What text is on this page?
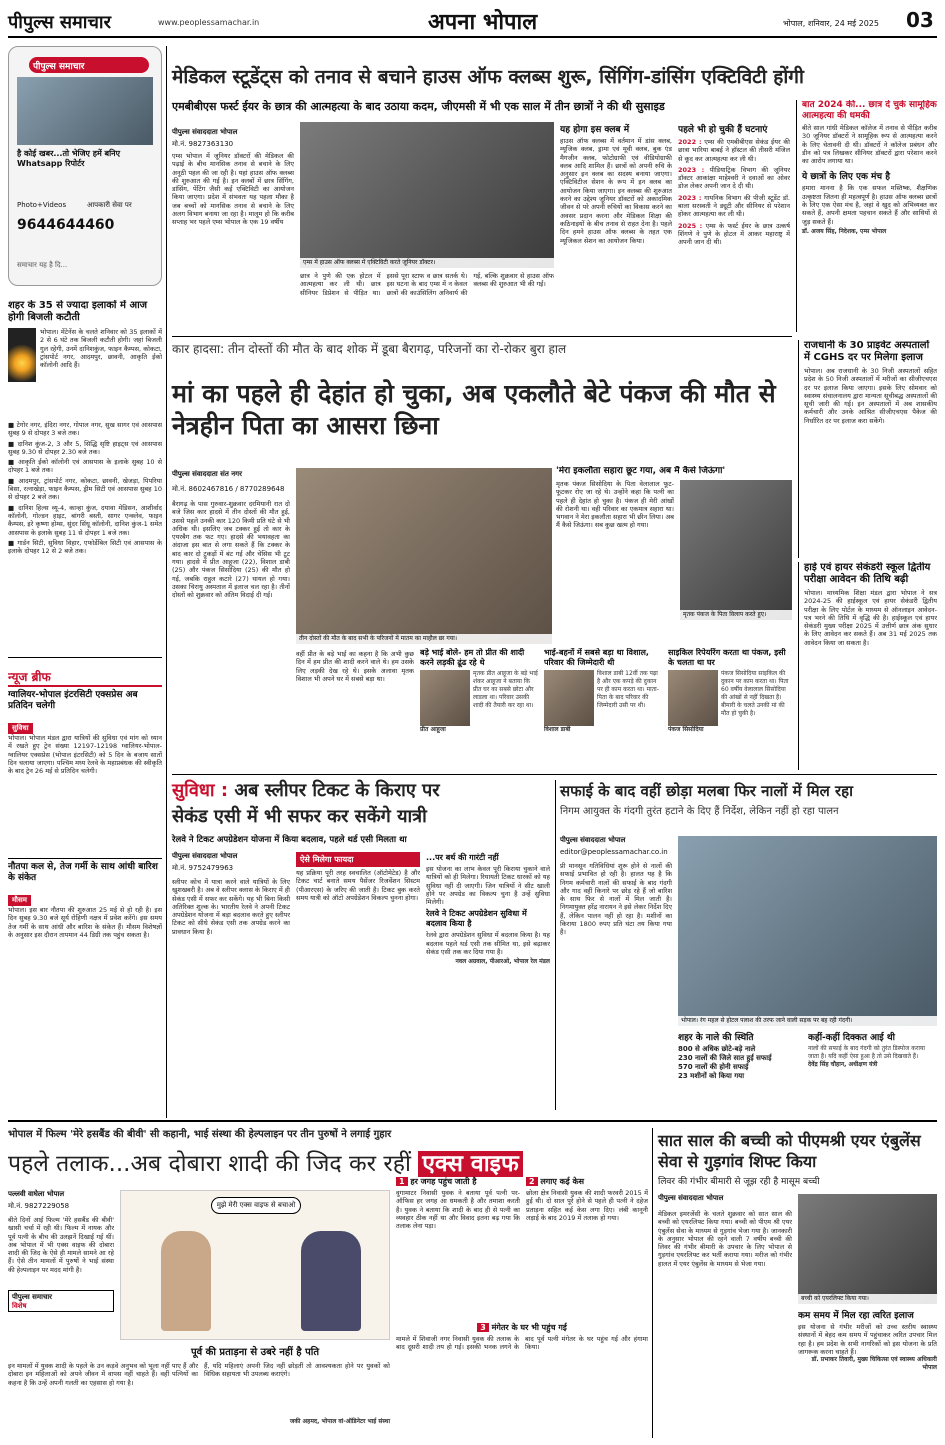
पीपुल्स समाचार	www.peoplessamachar.in	अपना भोपाल	भोपाल, शनिवार, 24 मई 2025 03
पीपुल्स समाचार
है कोई खबर...तो भेजिए हमें बनिए Whatsapp रिपोर्टर
Photo+Videos	आपकारी सेवा पर
9644644460
समाचार यह है दि...
शहर के 35 से ज्यादा इलाकों में आज होगी बिजली कटौती
भोपाल। मेंटेनेंस के चलते शनिवार को 35 इलाकों में 2 से 6 घंटे तक बिजली कटौती होगी। जहां बिजली गुल रहेगी, उनमें दानिशकुंज, फाइन कैम्पस, कोकटा, ट्रांसपोर्ट नगर, आदमपुर, छावनी, आकृति ईको कॉलोनी आदि हैं।
■ टेगोर नगर, इंदिरा नगर, गोपाल नगर, सुख सागर एवं आसपास सुबह 9 से दोपहर 3 बजे तक।
■ दानिश कुंज-2, 3 और 5, सिद्धि सृष्टि हाइट्स एवं आसपास सुबह 9.30 से दोपहर 2.30 बजे तक।
■ आकृति ईको कॉलोनी एवं आसपास के इलाके सुबह 10 से दोपहर 1 बजे तक।
■ आदमपुर, ट्रांसपोर्ट नगर, कोकटा, छावनी, खेजड़ा, पिपरिया बिसा, रत्नाखेड़ा, फाइन कैम्पस, ड्रीम सिटी एवं आसपास सुबह 10 से दोपहर 2 बजे तक।
■ दानिश हिल्स व्यू-4, कान्हा कुंज, दयावा मेडिसन, आशीर्वाद कॉलोनी, गोल्डन हाइट, बांगरी बस्ती, सागर एन्क्लेव, फाइन कैम्पस, इरे कृष्णा होम्स, सुंदर सिंधू कॉलोनी, दानिश कुंज-1 समेत आसपास के इलाके सुबह 11 से दोपहर 1 बजे तक।
■ गार्डन सिटी, सुविधा विहार, एफोर्डेबिल सिटी एवं आसपास के इलाके दोपहर 12 से 2 बजे तक।
न्यूज ब्रीफ
ग्वालियर-भोपाल इंटरसिटी एक्सप्रेस अब प्रतिदिन चलेगी
सुविधा
भोपाल। भोपाल मंडल द्वारा यात्रियों की सुविधा एवं मांग को ध्यान में रखते हुए ट्रेन संख्या 12197-12198 ग्वालियर-भोपाल-ग्वालियर एक्सप्रेस (भोपाल इंटरसिटी) को 5 दिन के बजाय सातों दिन चलाया जाएगा। पश्चिम मध्य रेलवे के महाप्रबंधक की स्वीकृति के बाद ट्रेन 26 मई से प्रतिदिन चलेगी।
नौतपा कल से, तेज गर्मी के साथ आंधी बारिश के संकेत
मौसम
भोपाल। इस बार नौतपा की शुरुआत 25 मई से हो रही है। इस दिन सुबह 9.30 बजे सूर्य रोहिणी नक्षत्र में प्रवेश करेंगे। इस समय तेज गर्मी के साथ आंधी और बारिश के संकेत हैं। मौसम विशेषज्ञों के अनुसार इस दौरान तापमान 44 डिग्री तक पहुंच सकता है।
मेडिकल स्टूडेंट्स को तनाव से बचाने हाउस ऑफ क्लब्स शुरू, सिंगिंग-डांसिंग एक्टिविटी होंगी
एमबीबीएस फर्स्ट ईयर के छात्र की आत्महत्या के बाद उठाया कदम, जीएमसी में भी एक साल में तीन छात्रों ने की थी सुसाइड
पीपुल्स संवाददाता भोपाल
मो.नं. 9827363130
एम्स भोपाल में जूनियर डॉक्टरों की मेडिकल की पढ़ाई के बीच मानसिक तनाव से बचाने के लिए अनूठी पहल की जा रही है। यहां हाउस ऑफ क्लब्स की शुरुआत की गई है। इन क्लबों में छात्र सिंगिंग, डांसिंग, पेंटिंग जैसी कई एक्टिविटी का आयोजन किया जाएगा। प्रदेश में संभवतः यह पहला मौका है जब बच्चों को मानसिक तनाव से बचाने के लिए अलग विभाग बनाया जा रहा है। मालूम हो कि करीब सप्ताह भर पहले एम्स भोपाल के एक 19 वर्षीय
एम्स में हाउस ऑफ क्लब्स में एक्टिविटी करते जूनियर डॉक्टर।
छात्र ने पुणे की एक होटल में आत्महत्या कर ली थी। छात्र सीनियर डिप्रेशन से पीड़ित था। इससे पूरा स्टाफ व छात्र सतर्क थे। इस घटना के बाद एम्स में न केवल छात्रों की काउंसिलिंग अनिवार्य की गई, बल्कि शुक्रवार से हाउस ऑफ क्लब्स की शुरुआत भी की गई।
यह होगा इस क्लब में
हाउस ऑफ क्लब्स में वर्तमान में डांस क्लब, म्यूजिक क्लब, ड्रामा एवं मूवी क्लब, बुक एंड मैगजीन क्लब, फोटोग्राफी एवं वीडियोग्राफी क्लब आदि शामिल हैं। छात्रों को अपनी रुचि के अनुसार इन क्लब का सदस्य बनाया जाएगा। एक्टिविटीज सेशन के रूप में इन क्लब का आयोजन किया जाएगा। इन क्लब्स की शुरुआत करने का उद्देश्य जूनियर डॉक्टरों को अकादमिक जीवन से परे अपनी रुचियों का विकास करने का अवसर प्रदान करना और मेडिकल शिक्षा की कठिनाइयों के बीच तनाव से राहत देना है। पहले दिन हमने हाउस ऑफ क्लब्स के तहत एक म्यूजिकल सेशन का आयोजन किया।
पहले भी हो चुकी हैं घटनाएं
2022 : एम्स की एमबीबीएस सेकंड ईयर की छात्रा भारिया बाबई ने हॉस्टल की तीसरी मंजिल से कूद कर आत्महत्या कर ली थी।
2023 : पीडियाट्रिक विभाग की जूनियर डॉक्टर आकांक्षा माहेश्वरी ने दवाओं का ओवर डोज लेकर अपनी जान दे दी थी।
2023 : गायनिक विभाग की पीजी स्टूडेंट डॉ. बाला सरस्वती ने ड्यूटी और सीनियर से परेशान होकर आत्महत्या कर ली थी।
2025 : एम्स के फर्स्ट ईयर के छात्र उत्कर्ष शिंगणे ने पुणे के होटल में आकर महाराष्ट्र में अपनी जान दी थी।
बात 2024 की... छात्र दे चुके सामूहिक आत्महत्या की धमकी
बीते साल गांधी मेडिकल कॉलेज में तनाव से पीड़ित करीब 30 जूनियर डॉक्टरों ने सामूहिक रूप से आत्महत्या करने के लिए चेतावनी दी थी। डॉक्टरों ने कॉलेज प्रबंधन और डीन को पत्र लिखकर सीनियर डॉक्टरों द्वारा परेशान करने का आरोप लगाया था।
ये छात्रों के लिए एक मंच है
हमारा मानना है कि एक सफल मस्तिष्क, शैक्षणिक उत्कृष्टता जितना ही महत्वपूर्ण है। हाउस ऑफ क्लब्स छात्रों के लिए एक ऐसा मंच है, जहां वे खुद को अभिव्यक्त कर सकते हैं, अपनी क्षमता पहचान सकते हैं और साथियों से जुड़ सकते हैं।
डॉ. अजय सिंह, निदेशक, एम्स भोपाल
कार हादसा: तीन दोस्तों की मौत के बाद शोक में डूबा बैरागढ़, परिजनों का रो-रोकर बुरा हाल
मां का पहले ही देहांत हो चुका, अब एकलौते बेटे पंकज की मौत से नेत्रहीन पिता का आसरा छिना
पीपुल्स संवाददाता संत नगर
मो.नं. 8602467816 / 8770289648
बैरागढ़ के पास गुरुवार-शुक्रवार दरमियानी रात दो बजे जिस कार हादसे में तीन दोस्तों की मौत हुई, उससे पहले उनकी कार 120 किमी प्रति घंटे से भी अधिक थी। इसलिए जब टक्कर हुई तो कार के एयरबैग तक फट गए। हादसे की भयावहता का अंदाजा इस बात से लगा सकते हैं कि टक्कर के बाद कार दो टुकड़ों में बंट गई और चेसिस भी टूट गया। हादसे में प्रीत आहूजा (22), विशाल डाबी (25) और पंकज सिसोदिया (25) की मौत हो गई, जबकि राहुल कटारे (27) घायल हो गया। उसका चिरायु अस्पताल में इलाज चल रहा है। तीनों दोस्तों को शुक्रवार को अंतिम विदाई दी गई।
तीन दोस्तों की मौत के बाद सभी के परिजनों में मातम का माहौल छा गया।
वहीं प्रीत के बड़े भाई का कहना है कि अभी कुछ दिन में हम प्रीत की शादी करने वाले थे। हम उसके लिए लड़की देख रहे थे। इसके अलावा मृतक विशाल भी अपने घर में सबसे बड़ा था।
'मेरा इकलौता सहारा छूट गया, अब मैं कैसे जिऊंगा'
मृतक पंकज सिसोदिया के पिता वेलालाल फूट-फूटकर रोए जा रहे थे। उन्होंने कहा कि पत्नी का पहले ही देहांत हो चुका है। पंकज ही मेरी आंखों की रोशनी था। वही परिवार का एकमात्र सहारा था। भगवान ने मेरा इकलौता सहारा भी छीन लिया। अब मैं कैसे जिऊंगा। सब कुछ खत्म हो गया।
मृतक पंकज के पिता विलाप करते हुए।
बड़े भाई बोले- हम तो प्रीत की शादी करने लड़की ढूंढ रहे थे
मृतक प्रीत आहूजा के बड़े भाई शंकर आहूजा ने बताया कि प्रीत घर का सबसे छोटा और लाडला था। परिवार उसकी शादी की तैयारी कर रहा था।
प्रीत आहूजा
भाई-बहनों में सबसे बड़ा था विशाल, परिवार की जिम्मेदारी थी
विशाल डाबी 12वीं तक पढ़ा है और एक कपड़े की दुकान पर ही काम करता था। माता-पिता के बाद परिवार की जिम्मेदारी उसी पर थी।
विशाल डाबी
साइकिल रिपेयरिंग करता था पंकज, इसी के चलता था घर
पंकज सिसोदिया साइकिल की दुकान पर काम करता था। पिता 60 वर्षीय वेलालाल सिसोदिया की आंखों से नहीं दिखता है। बीमारी के चलते उनकी मां की मौत हो चुकी है।
पंकज सिसोदिया
राजधानी के 30 प्राइवेट अस्पतालों में CGHS दर पर मिलेगा इलाज
भोपाल। अब राजधानी के 30 निजी अस्पतालों सहित प्रदेश के 50 निजी अस्पतालों में मरीजों का सीजीएचएस दर पर इलाज किया जाएगा। इसके लिए सोमवार को स्वास्थ्य संचालनालय द्वारा मान्यता सूचीबद्ध अस्पतालों की सूची जारी की गई। इन अस्पतालों में अब शासकीय कर्मचारी और उनके आश्रित सीजीएचएस पैकेज की निर्धारित दर पर इलाज करा सकेंगे।
हाई एवं हायर सेकंडरी स्कूल द्वितीय परीक्षा आवेदन की तिथि बढ़ी
भोपाल। माध्यमिक शिक्षा मंडल द्वारा भोपाल ने सत्र 2024-25 की हाईस्कूल एवं हायर सेकंडरी द्वितीय परीक्षा के लिए पोर्टल के माध्यम से ऑनलाइन आवेदन-पत्र भरने की तिथि में वृद्धि की है। हाईस्कूल एवं हायर सेकंडरी मुख्य परीक्षा 2025 में उत्तीर्ण छात्र अंक सुधार के लिए आवेदन कर सकते हैं। अब 31 मई 2025 तक आवेदन किया जा सकता है।
सुविधा : अब स्लीपर टिकट के किराए पर
सेकंड एसी में भी सफर कर सकेंगे यात्री
रेलवे ने टिकट अपग्रेडेशन योजना में किया बदलाव, पहले थर्ड एसी मिलता था
पीपुल्स संवाददाता भोपाल
मो.नं. 9752479963
स्लीपर कोच में यात्रा करने वाले यात्रियों के लिए खुशखबरी है। अब वे स्लीपर क्लास के किराए में ही सेकंड एसी में सफर कर सकेंगे। यह भी बिना किसी अतिरिक्त शुल्क के। भारतीय रेलवे ने अपनी टिकट अपग्रेडेशन योजना में बड़ा बदलाव करते हुए स्लीपर टिकट को सीधे सेकंड एसी तक अपग्रेड करने का प्रावधान किया है।
ऐसे मिलेगा फायदा
यह प्रक्रिया पूरी तरह स्वचालित (ऑटोमेटेड) है और टिकट चार्ट बनाते समय पैसेंजर रिजर्वेशन सिस्टम (पीआरएस) के जरिए की जाती है। टिकट बुक करते समय यात्री को ऑटो अपग्रेडेशन विकल्प चुनना होगा।
...पर बर्थ की गारंटी नहीं
इस योजना का लाभ केवल पूरी किराया चुकाने वाले यात्रियों को ही मिलेगा। रियायती टिकट धारकों को यह सुविधा नहीं दी जाएगी। जिन यात्रियों ने सीट खाली होने पर अपग्रेड का विकल्प चुना है उन्हें सुविधा मिलेगी।
रेलवे ने टिकट अपग्रेडेशन सुविधा में बदलाव किया है
रेलवे द्वारा अपग्रेडेशन सुविधा में बदलाव किया है। यह बदलाव पहले थर्ड एसी तक सीमित था, इसे बढ़ाकर सेकंड एसी तक कर दिया गया है।
नवल अग्रवाल, पीआरओ, भोपाल रेल मंडल
सफाई के बाद वहीं छोड़ा मलबा फिर नालों में मिल रहा
निगम आयुक्त के गंदगी तुरंत हटाने के दिए हैं निर्देश, लेकिन नहीं हो रहा पालन
पीपुल्स संवाददाता भोपाल
editor@peoplessamachar.co.in
प्री मानसून गतिविधियां शुरू होने से नालों की सफाई प्रभावित हो रही है। हालत यह है कि निगम कर्मचारी नालों की सफाई के बाद गंदगी और गाद वहीं किनारे पर छोड़ रहे हैं जो बारिश के साथ फिर से नालों में मिल जाती है। निगमायुक्त हरेंद्र नारायन ने इसे लेकर निर्देश दिए हैं, लेकिन पालन नहीं हो रहा है। मशीनों का किराया 1800 रुपए प्रति घंटा तय किया गया है।
भोपाल। रंग महल से होटल पलाश की तरफ जाने वाली सड़क पर बह रही गंदगी।
शहर के नाले की स्थिति
800 से अधिक छोटे-बड़े नाले
230 नालों की जिले सात हुई सफाई
570 नालों की होनी सफाई
23 मशीनों को किया गया
कहीं-कहीं दिक्कत आई थी
नालों की सफाई के बाद गंदगी को तुरंत डिस्पोज कराया जाता है। यदि कहीं ऐसा हुआ है तो उसे दिखवाते हैं।
देवेंद्र सिंह चौहान, अधीक्षण यंत्री
भोपाल में फिल्म 'मेरे हसबैंड की बीवी' सी कहानी, भाई संस्था की हेल्पलाइन पर तीन पुरुषों ने लगाई गुहार
पहले तलाक...अब दोबारा शादी की जिद कर रहीं एक्स वाइफ
पल्लवी वाघेला भोपाल
मो.नं. 9827229058
बीते दिनों आई फिल्म 'मेरे हसबैंड की बीवी' खासी चर्चा में रही थी। फिल्म में नायक और पूर्व पत्नी के बीच की उलझनें दिखाई गई थीं। अब भोपाल में भी एक्स वाइफ की दोबारा शादी की जिद के ऐसे ही मामले सामने आ रहे हैं। ऐसे तीन मामलों में पुरुषों ने भाई संस्था की हेल्पलाइन पर मदद मांगी है।
पीपुल्स समाचार
विशेष
मुझे मेरी एक्स वाइफ से बचाओ
पूर्व की प्रताड़ना से उबरे नहीं है पति
इन मामलों में युवक शादी के पहले के उन कड़वे अनुभव को भूला नहीं पाए हैं और दोबारा इन महिलाओं को अपने जीवन में वापस नहीं चाहते हैं। वहीं पत्नियों का कहना है कि उन्हें अपनी गलती का एहसास हो गया है।
हैं, यदि महिलाएं अपनी जिद नहीं छोड़तीं तो आवश्यकता होने पर युवकों को विधिक सहायता भी उपलब्ध कराएंगे।
जकी अहमद, भोपाल वां-ऑडिनेटर भाई संस्था
1 हर जगह पहुंच जाती है
वुगामाटर निवासी युवक ने बताया पूर्व पत्नी पर-ऑफिस हर जगह आ धमकती है और तमाशा करती है। युवक ने बताया कि शादी के बाद ही से पत्नी का व्यवहार ठीक नहीं था और विवाद इतना बढ़ गया कि तलाक लेना पड़ा।
2 लगाए कई केस
छोला क्षेत्र निवासी युवक की शादी फरवरी 2015 में हुई थी। दो साल पूरे होने से पहले ही पत्नी ने दहेज प्रताड़ना सहित कई केस लगा दिए। लंबी कानूनी लड़ाई के बाद 2019 में तलाक हो गया।
3 मंगेतर के घर भी पहुंच गई
मामले में शिवाजी नगर निवासी युवक की तलाक के बाद दूसरी शादी तय हो गई। इसकी भनक लगने के बाद पूर्व पत्नी मंगेतर के घर पहुंच गई और हंगामा किया।
सात साल की बच्ची को पीएमश्री एयर एंबुलेंस सेवा से गुड़गांव शिफ्ट किया
लिवर की गंभीर बीमारी से जूझ रही है मासूम बच्ची
पीपुल्स संवाददाता भोपाल
मेडिकल इमरजेंसी के चलते शुक्रवार को सात साल की बच्ची को एयरलिफ्ट किया गया। बच्ची को पीएम श्री एयर एंबुलेंस सेवा के माध्यम से गुड़गांव भेजा गया है। जानकारी के अनुसार भोपाल की रहने वाली 7 वर्षीय बच्ची की लिवर की गंभीर बीमारी के उपचार के लिए भोपाल से गुड़गांव एयरलिफ्ट कर भर्ती कराया गया। मरीज को गंभीर हालत में एयर एंबुलेंस के माध्यम से भेजा गया।
बच्ची को एयरलिफ्ट किया गया।
कम समय में मिल रहा त्वरित इलाज
इस योजना से गंभीर मरीजों को उच्च स्तरीय स्वास्थ्य संस्थानों में बेहद कम समय में पहुंचाकर त्वरित उपचार मिल रहा है। हम प्रदेश के सभी नागरिकों को इस योजना के प्रति जागरूक करना चाहते हैं।
डॉ. प्रभाकर तिवारी, मुख्य चिकित्सा एवं स्वास्थ्य अधिकारी भोपाल
